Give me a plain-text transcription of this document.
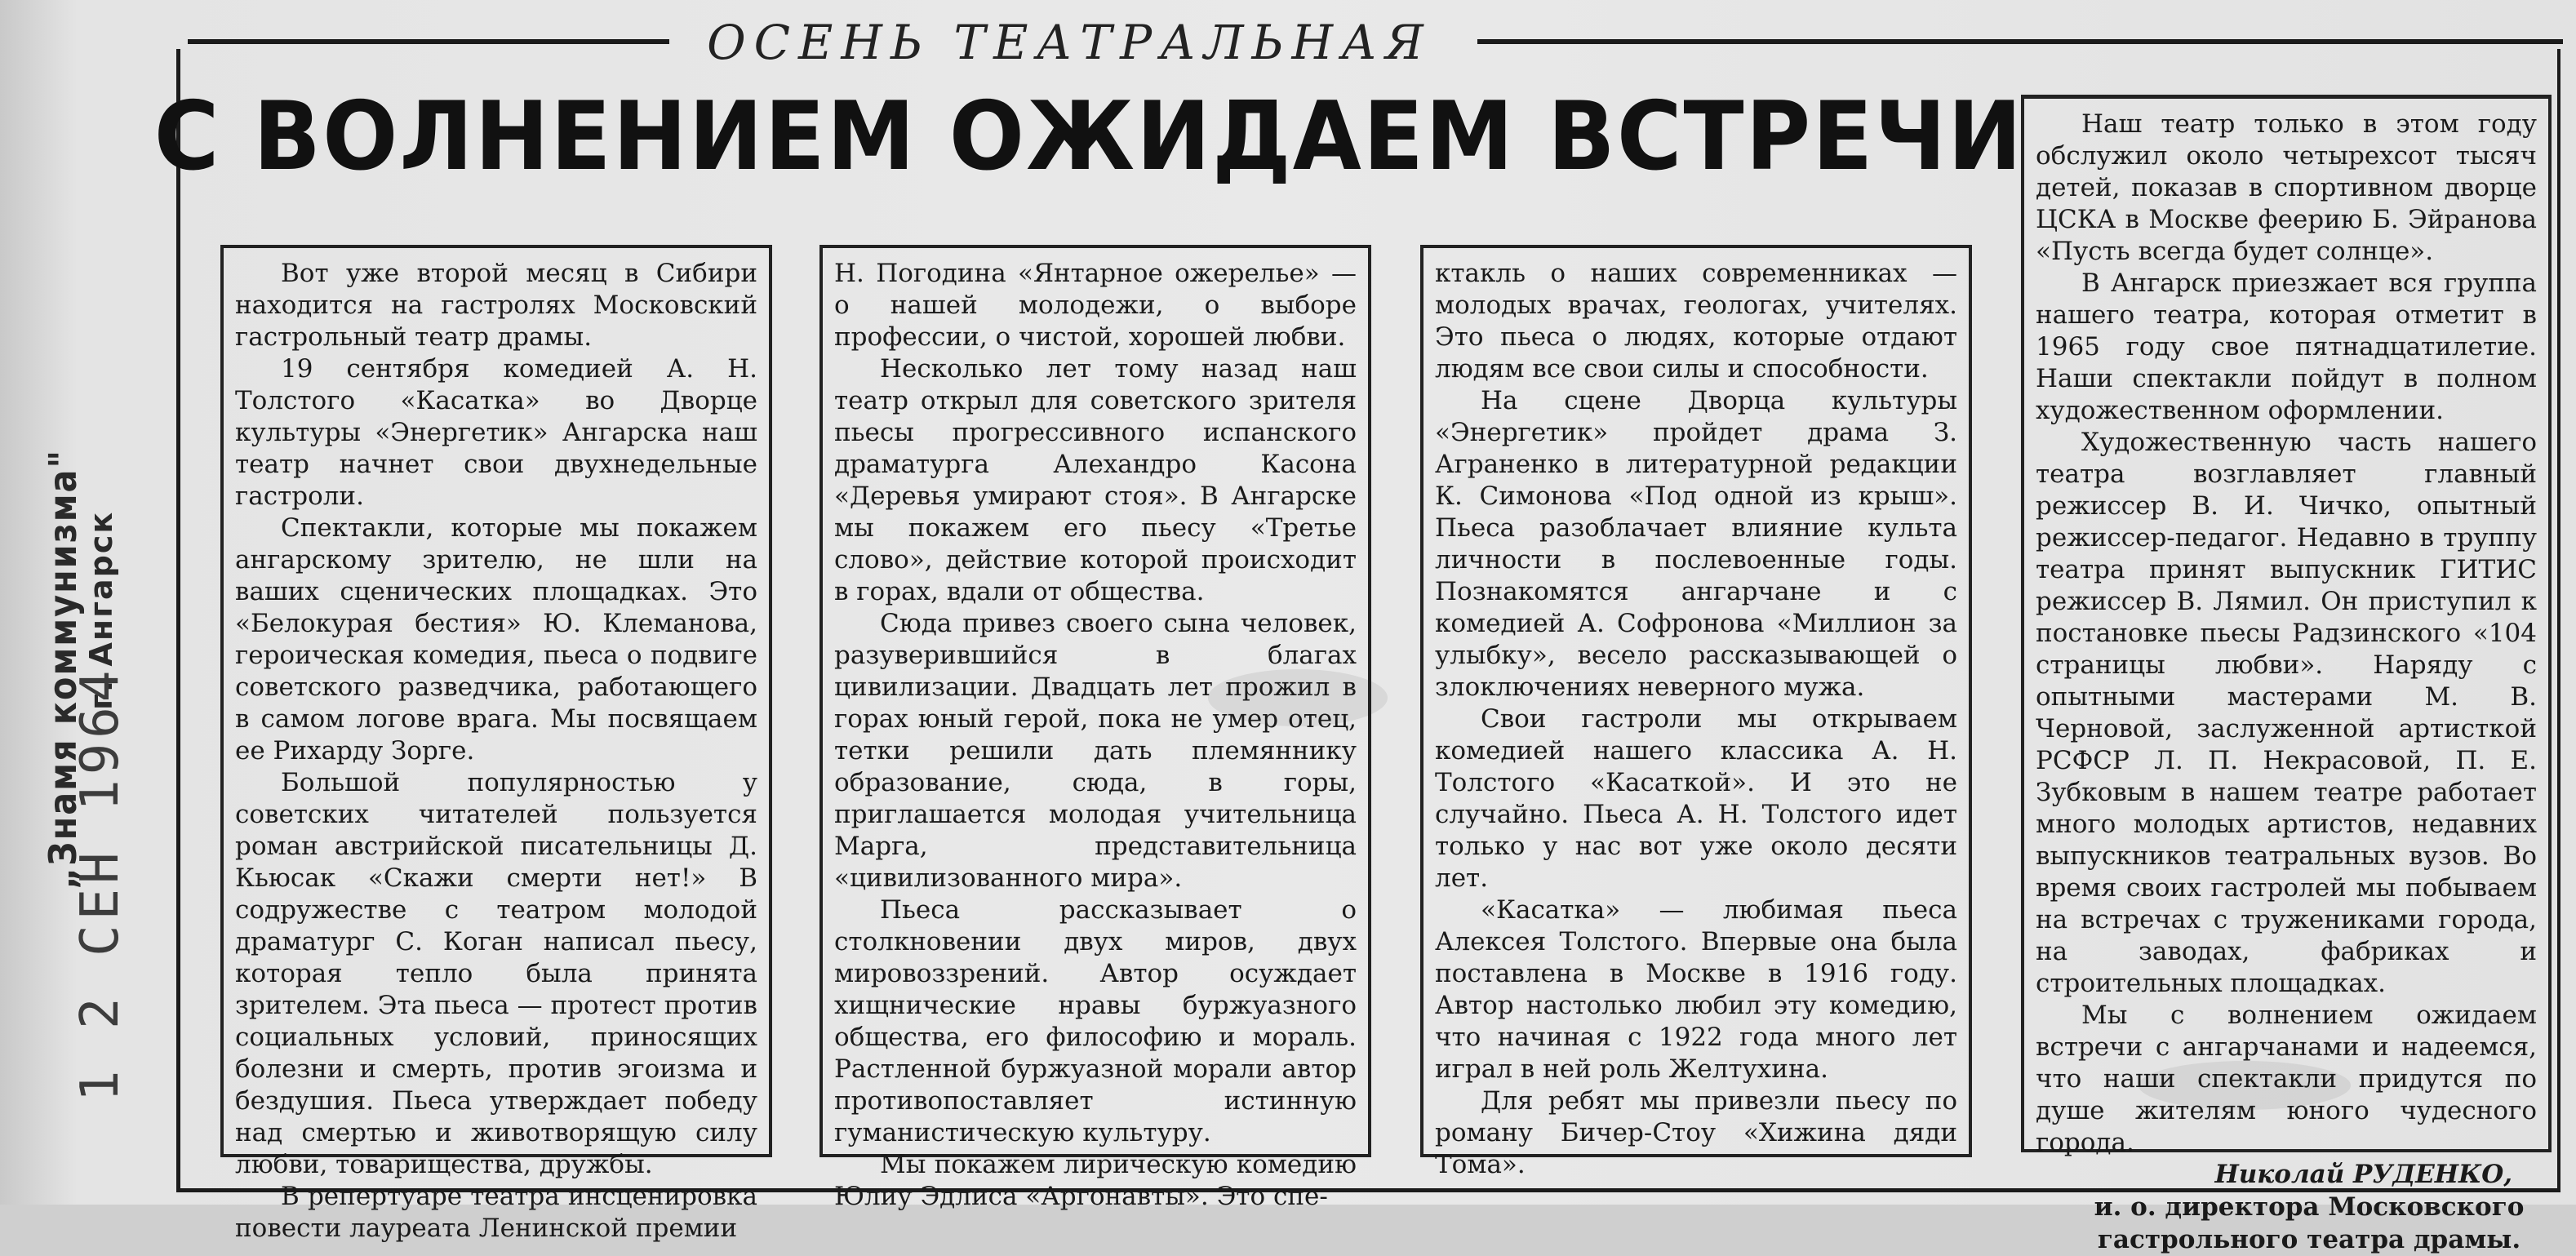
„Знамя коммунизма"
г. Ангарск
1 2 СЕН 1964
ОСЕНЬ ТЕАТРАЛЬНАЯ
С ВОЛНЕНИЕМ ОЖИДАЕМ ВСТРЕЧИ

Вот уже второй месяц в Сибири находится на гастролях Московский гастрольный театр драмы.

19 сентября комедией А. Н. Толстого «Касатка» во Дворце культуры «Энергетик» Ангарска наш театр начнет свои двухнедельные гастроли.

Спектакли, которые мы покажем ангарскому зрителю, не шли на ваших сценических площадках. Это «Белокурая бестия» Ю. Клеманова, героическая комедия, пьеса о подвиге советского разведчика, работающего в самом логове врага. Мы посвящаем ее Рихарду Зорге.

Большой популярностью у советских читателей пользуется роман австрийской писательницы Д. Кьюсак «Скажи смерти нет!» В содружестве с театром молодой драматург С. Коган написал пьесу, которая тепло была принята зрителем. Эта пьеса — протест против социальных условий, приносящих болезни и смерть, против эгоизма и бездушия. Пьеса утверждает победу над смертью и животворящую силу любви, товарищества, дружбы.

В репертуаре театра инсценировка повести лауреата Ленинской премии

Н. Погодина «Янтарное ожерелье» — о нашей молодежи, о выборе профессии, о чистой, хорошей любви.

Несколько лет тому назад наш театр открыл для советского зрителя пьесы прогрессивного испанского драматурга Алехандро Касона «Деревья умирают стоя». В Ангарске мы покажем его пьесу «Третье слово», действие которой происходит в горах, вдали от общества.

Сюда привез своего сына человек, разуверившийся в благах цивилизации. Двадцать лет прожил в горах юный герой, пока не умер отец, тетки решили дать племяннику образование, сюда, в горы, приглашается молодая учительница Марга, представительница «цивилизованного мира».

Пьеса рассказывает о столкновении двух миров, двух мировоззрений. Автор осуждает хищнические нравы буржуазного общества, его философию и мораль. Растленной буржуазной морали автор противопоставляет истинную гуманистическую культуру.

Мы покажем лирическую комедию Юлиу Эдлиса «Аргонавты». Это спе-

ктакль о наших современниках — молодых врачах, геологах, учителях. Это пьеса о людях, которые отдают людям все свои силы и способности.

На сцене Дворца культуры «Энергетик» пройдет драма З. Аграненко в литературной редакции К. Симонова «Под одной из крыш». Пьеса разоблачает влияние культа личности в послевоенные годы. Познакомятся ангарчане и с комедией А. Софронова «Миллион за улыбку», весело рассказывающей о злоключениях неверного мужа.

Свои гастроли мы открываем комедией нашего классика А. Н. Толстого «Касаткой». И это не случайно. Пьеса А. Н. Толстого идет только у нас вот уже около десяти лет.

«Касатка» — любимая пьеса Алексея Толстого. Впервые она была поставлена в Москве в 1916 году. Автор настолько любил эту комедию, что начиная с 1922 года много лет играл в ней роль Желтухина.

Для ребят мы привезли пьесу по роману Бичер-Стоу «Хижина дяди Тома».

Наш театр только в этом году обслужил около четырехсот тысяч детей, показав в спортивном дворце ЦСКА в Москве феерию Б. Эйранова «Пусть всегда будет солнце».

В Ангарск приезжает вся группа нашего театра, которая отметит в 1965 году свое пятнадцатилетие. Наши спектакли пойдут в полном художественном оформлении.

Художественную часть нашего театра возглавляет главный режиссер В. И. Чичко, опытный режиссер-педагог. Недавно в труппу театра принят выпускник ГИТИС режиссер В. Лямил. Он приступил к постановке пьесы Радзинского «104 страницы любви». Наряду с опытными мастерами М. В. Черновой, заслуженной артисткой РСФСР Л. П. Некрасовой, П. Е. Зубковым в нашем театре работает много молодых артистов, недавних выпускников театральных вузов. Во время своих гастролей мы побываем на встречах с тружениками города, на заводах, фабриках и строительных площадках.

Мы с волнением ожидаем встречи с ангарчанами и надеемся, что наши спектакли придутся по душе жителям юного чудесного города.

Николай РУДЕНКО,

и. о. директора Московского

гастрольного театра драмы.
